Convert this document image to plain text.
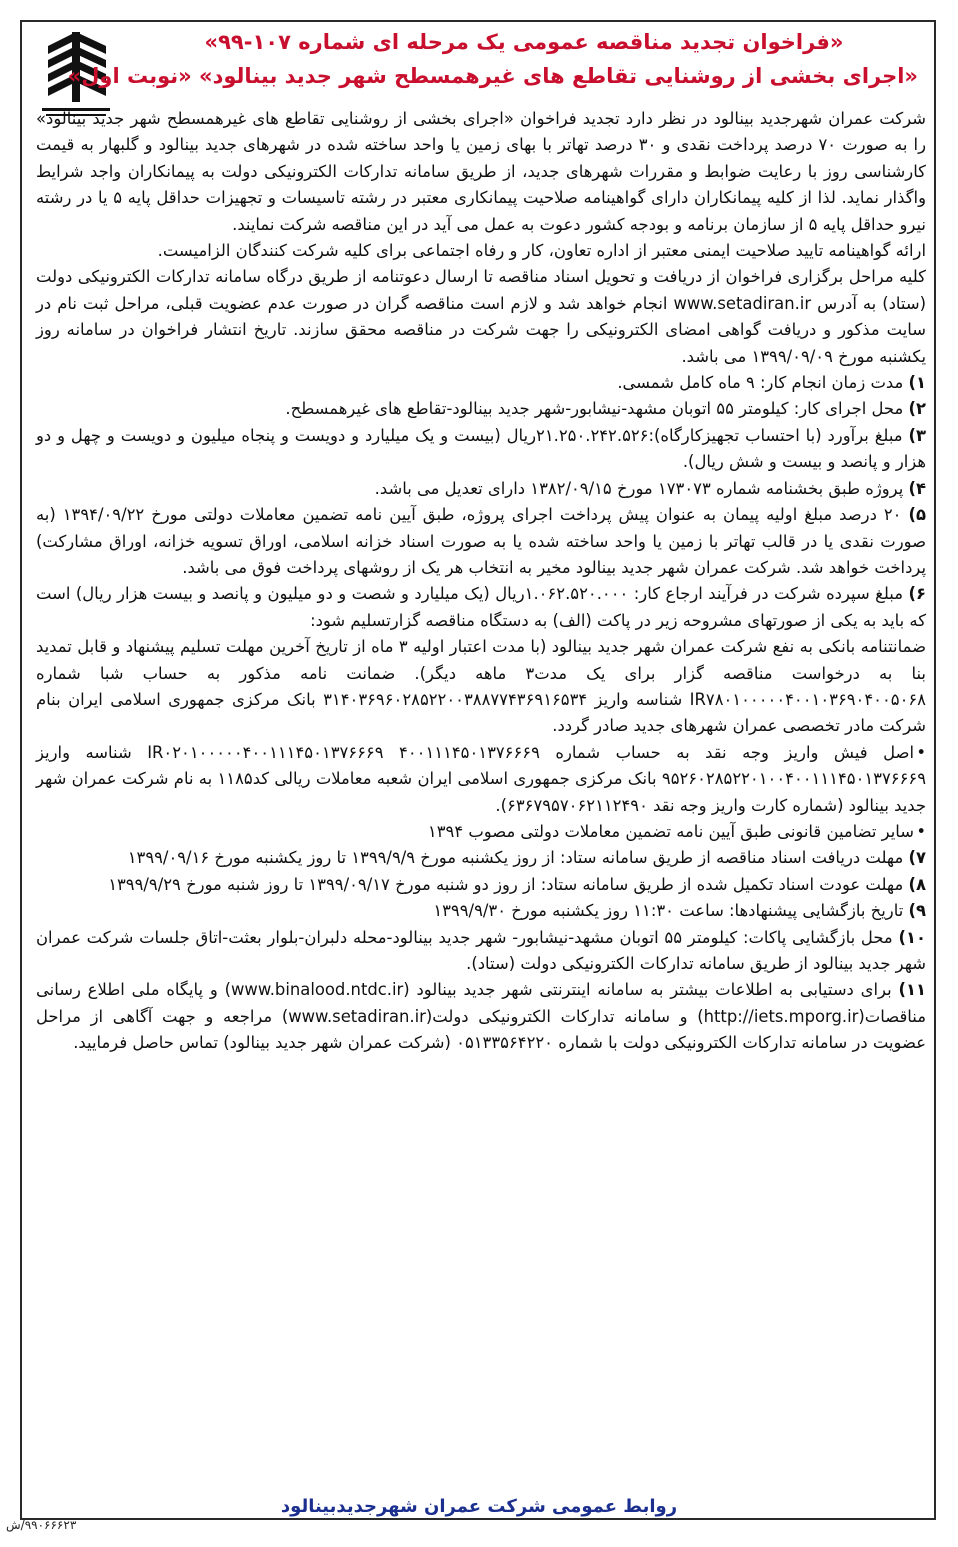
«فراخوان تجدید مناقصه عمومی یک مرحله ای شماره ۱۰۷-۹۹»
«اجرای بخشی از روشنایی تقاطع های غیرهمسطح شهر جدید بینالود» «نوبت اول»

شرکت عمران شهرجدید بینالود در نظر دارد تجدید فراخوان «اجرای بخشی از روشنایی تقاطع های غیرهمسطح شهر جدید بینالود» را به صورت ۷۰ درصد پرداخت نقدی و ۳۰ درصد تهاتر با بهای زمین یا واحد ساخته شده در شهرهای جدید بینالود و گلبهار به قیمت کارشناسی روز با رعایت ضوابط و مقررات شهرهای جدید، از طریق سامانه تدارکات الکترونیکی دولت به پیمانکاران واجد شرایط واگذار نماید. لذا از کلیه پیمانکاران دارای گواهینامه صلاحیت پیمانکاری معتبر در رشته تاسیسات و تجهیزات حداقل پایه ۵ یا در رشته نیرو حداقل پایه ۵ از سازمان برنامه و بودجه کشور دعوت به عمل می آید در این مناقصه شرکت نمایند.

ارائه گواهینامه تایید صلاحیت ایمنی معتبر از اداره تعاون، کار و رفاه اجتماعی برای کلیه شرکت کنندگان الزامیست.

کلیه مراحل برگزاری فراخوان از دریافت و تحویل اسناد مناقصه تا ارسال دعوتنامه از طریق درگاه سامانه تدارکات الکترونیکی دولت (ستاد) به آدرس www.setadiran.ir انجام خواهد شد و لازم است مناقصه گران در صورت عدم عضویت قبلی، مراحل ثبت نام در سایت مذکور و دریافت گواهی امضای الکترونیکی را جهت شرکت در مناقصه محقق سازند. تاریخ انتشار فراخوان در سامانه روز یکشنبه مورخ ۱۳۹۹/۰۹/۰۹ می باشد.

۱) مدت زمان انجام کار: ۹ ماه کامل شمسی.

۲) محل اجرای کار: کیلومتر ۵۵ اتوبان مشهد-نیشابور-شهر جدید بینالود-تقاطع های غیرهمسطح.

۳) مبلغ برآورد (با احتساب تجهیزکارگاه):۲۱.۲۵۰.۲۴۲.۵۲۶ریال (بیست و یک میلیارد و دویست و پنجاه میلیون و دویست و چهل و دو هزار و پانصد و بیست و شش ریال).

۴) پروژه طبق بخشنامه شماره ۱۷۳۰۷۳ مورخ ۱۳۸۲/۰۹/۱۵ دارای تعدیل می باشد.

۵) ۲۰ درصد مبلغ اولیه پیمان به عنوان پیش پرداخت اجرای پروژه، طبق آیین نامه تضمین معاملات دولتی مورخ ۱۳۹۴/۰۹/۲۲ (به صورت نقدی یا در قالب تهاتر با زمین یا واحد ساخته شده یا به صورت اسناد خزانه اسلامی، اوراق تسویه خزانه، اوراق مشارکت) پرداخت خواهد شد. شرکت عمران شهر جدید بینالود مخیر به انتخاب هر یک از روشهای پرداخت فوق می باشد.

۶) مبلغ سپرده شرکت در فرآیند ارجاع کار: ۱.۰۶۲.۵۲۰.۰۰۰ریال (یک میلیارد و شصت و دو میلیون و پانصد و بیست هزار ریال) است که باید به یکی از صورتهای مشروحه زیر در پاکت (الف) به دستگاه مناقصه گزارتسلیم شود:

ضمانتنامه بانکی به نفع شرکت عمران شهر جدید بینالود (با مدت اعتبار اولیه ۳ ماه از تاریخ آخرین مهلت تسلیم پیشنهاد و قابل تمدید بنا به درخواست مناقصه گزار برای یک مدت۳ ماهه دیگر). ضمانت نامه مذکور به حساب شبا شماره IR۷۸۰۱۰۰۰۰۰۴۰۰۱۰۳۶۹۰۴۰۰۵۰۶۸ شناسه واریز ۳۱۴۰۳۶۹۶۰۲۸۵۲۲۰۰۳۸۸۷۷۴۳۶۹۱۶۵۳۴ بانک مرکزی جمهوری اسلامی ایران بنام شرکت مادر تخصصی عمران شهرهای جدید صادر گردد.

•اصل فیش واریز وجه نقد به حساب شماره ۴۰۰۱۱۱۴۵۰۱۳۷۶۶۶۹ IR۰۲۰۱۰۰۰۰۰۴۰۰۱۱۱۴۵۰۱۳۷۶۶۶۹ شناسه واریز ۹۵۲۶۰۲۸۵۲۲۰۱۰۰۴۰۰۱۱۱۴۵۰۱۳۷۶۶۶۹ بانک مرکزی جمهوری اسلامی ایران شعبه معاملات ریالی کد۱۱۸۵ به نام شرکت عمران شهر جدید بینالود (شماره کارت واریز وجه نقد ۶۳۶۷۹۵۷۰۶۲۱۱۲۴۹۰).

•سایر تضامین قانونی طبق آیین نامه تضمین معاملات دولتی مصوب ۱۳۹۴

۷) مهلت دریافت اسناد مناقصه از طریق سامانه ستاد: از روز یکشنبه مورخ ۱۳۹۹/۹/۹ تا روز یکشنبه مورخ ۱۳۹۹/۰۹/۱۶

۸) مهلت عودت اسناد تکمیل شده از طریق سامانه ستاد: از روز دو شنبه مورخ ۱۳۹۹/۰۹/۱۷ تا روز شنبه مورخ ۱۳۹۹/۹/۲۹

۹) تاریخ بازگشایی پیشنهادها: ساعت ۱۱:۳۰ روز یکشنبه مورخ ۱۳۹۹/۹/۳۰

۱۰) محل بازگشایی پاکات: کیلومتر ۵۵ اتوبان مشهد-نیشابور- شهر جدید بینالود-محله دلبران-بلوار بعثت-اتاق جلسات شرکت عمران شهر جدید بینالود از طریق سامانه تدارکات الکترونیکی دولت (ستاد).

۱۱) برای دستیابی به اطلاعات بیشتر به سامانه اینترنتی شهر جدید بینالود (www.binalood.ntdc.ir) و پایگاه ملی اطلاع رسانی مناقصات(http://iets.mporg.ir) و سامانه تدارکات الکترونیکی دولت(www.setadiran.ir) مراجعه و جهت آگاهی از مراحل عضویت در سامانه تدارکات الکترونیکی دولت با شماره ۰۵۱۳۳۵۶۴۲۲۰ (شرکت عمران شهر جدید بینالود) تماس حاصل فرمایید.

روابط عمومی شرکت عمران شهرجدیدبینالود
۹۹۰۶۶۶۲۳/ش
